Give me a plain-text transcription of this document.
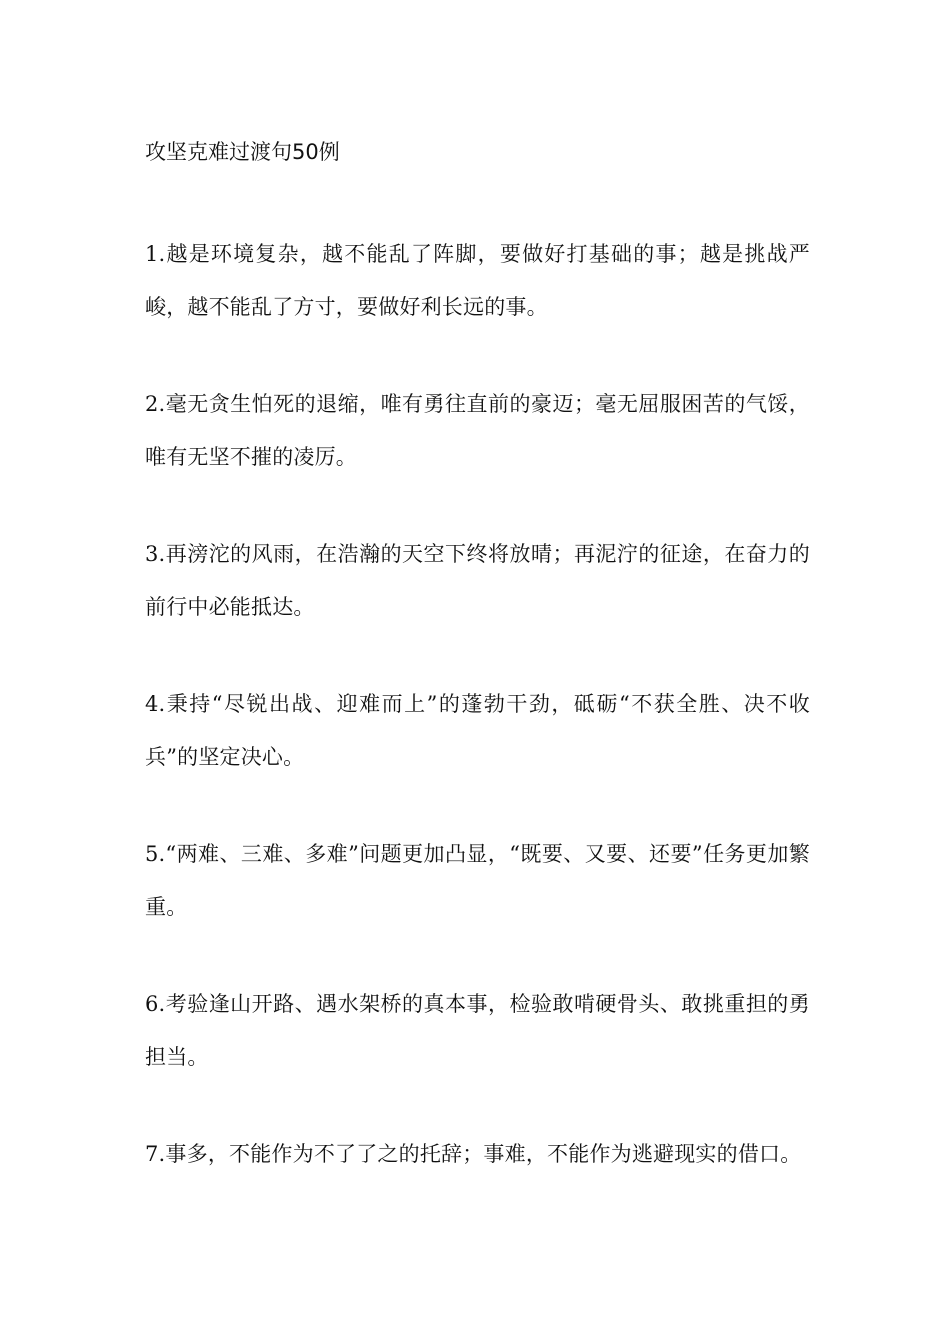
攻坚克难过渡句50例
1.越是环境复杂，越不能乱了阵脚，要做好打基础的事；越是挑战严峻，越不能乱了方寸，要做好利长远的事。
2.毫无贪生怕死的退缩，唯有勇往直前的豪迈；毫无屈服困苦的气馁，唯有无坚不摧的凌厉。
3.再滂沱的风雨，在浩瀚的天空下终将放晴；再泥泞的征途，在奋力的前行中必能抵达。
4.秉持“尽锐出战、迎难而上”的蓬勃干劲，砥砺“不获全胜、决不收兵”的坚定决心。
5.“两难、三难、多难”问题更加凸显，“既要、又要、还要”任务更加繁重。
6.考验逢山开路、遇水架桥的真本事，检验敢啃硬骨头、敢挑重担的勇担当。
7.事多，不能作为不了了之的托辞；事难，不能作为逃避现实的借口。
